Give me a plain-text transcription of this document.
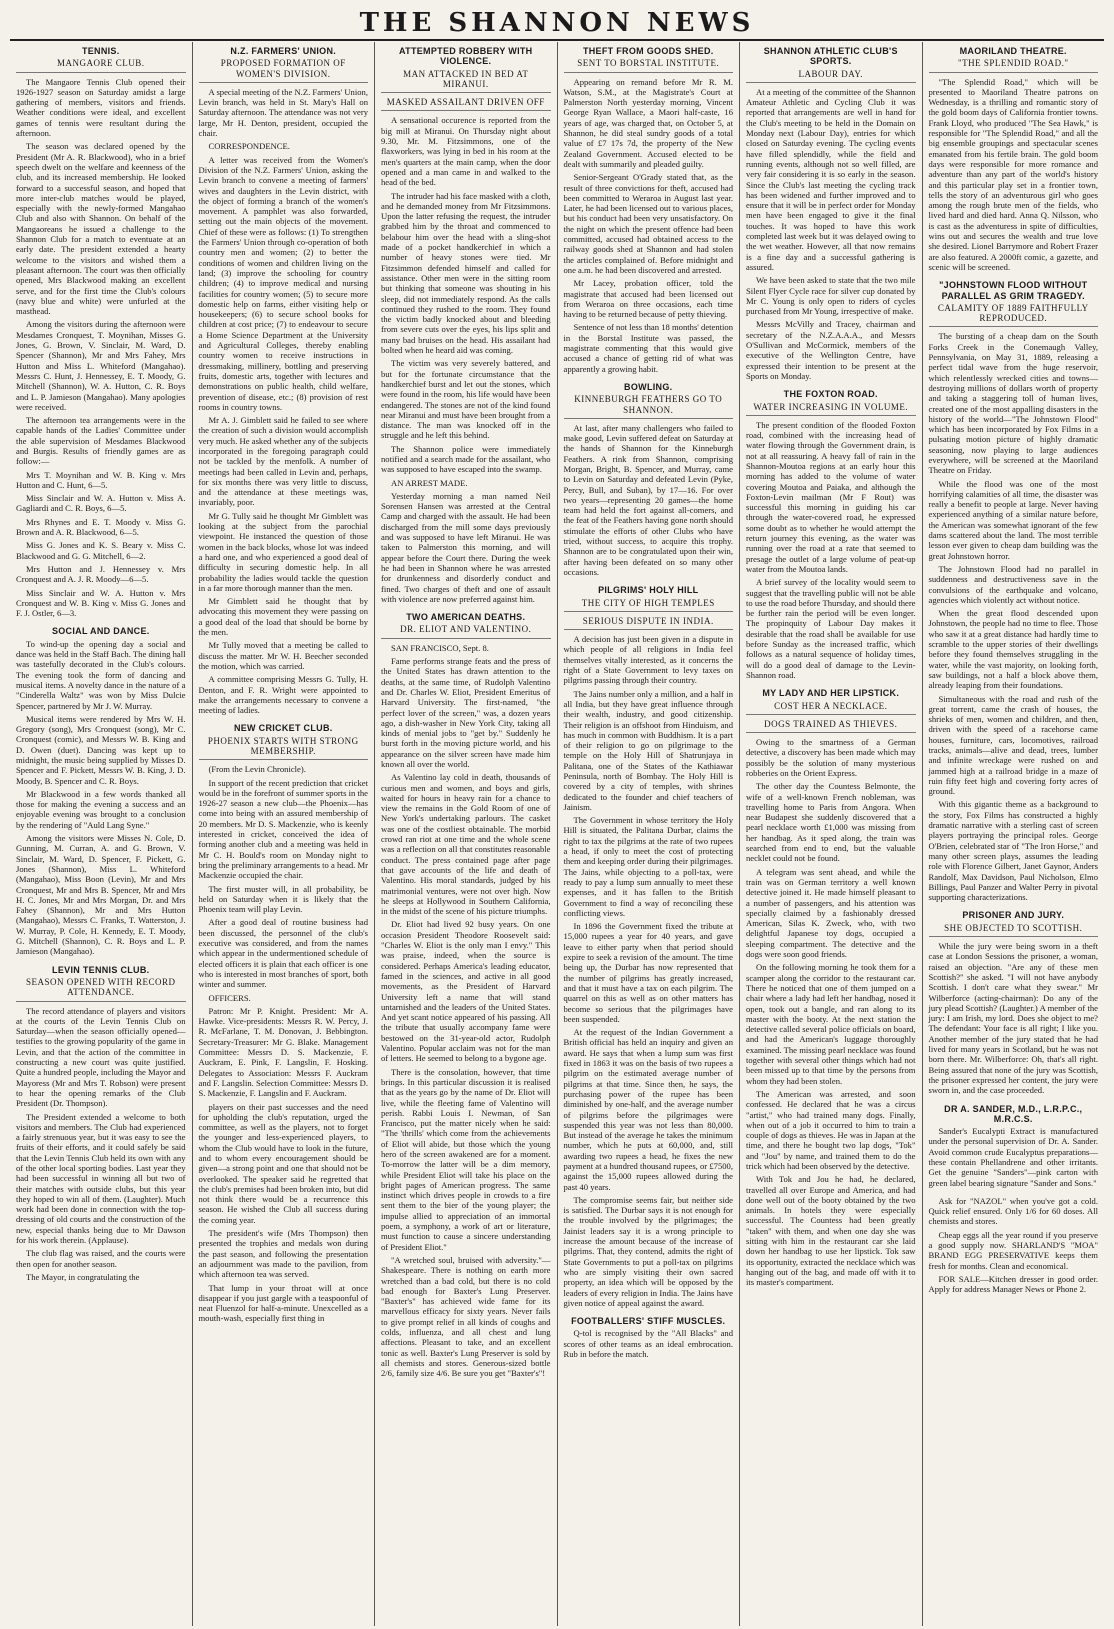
THE SHANNON NEWS
TENNIS.
MANGAORE CLUB.

The Mangaore Tennis Club opened their 1926-1927 season on Saturday amidst a large gathering of members, visitors and friends. Weather conditions were ideal, and excellent games of tennis were resultant during the afternoon.

The season was declared opened by the President (Mr A. R. Blackwood), who in a brief speech dwelt on the welfare and keenness of the club, and its increased membership. He looked forward to a successful season, and hoped that more inter-club matches would be played, especially with the newly-formed Mangahao Club and also with Shannon. On behalf of the Mangaoreans he issued a challenge to the Shannon Club for a match to eventuate at an early date. The president extended a hearty welcome to the visitors and wished them a pleasant afternoon. The court was then officially opened, Mrs Blackwood making an excellent serve, and for the first time the Club's colours (navy blue and white) were unfurled at the masthead.

Among the visitors during the afternoon were Mesdames Cronquest, T. Moynihan, Misses G. Jones, G. Brown, V. Sinclair, M. Ward, D. Spencer (Shannon), Mr and Mrs Fahey, Mrs Hutton and Miss L. Whiteford (Mangahao). Messrs C. Hunt, J. Hennessey, E. T. Moody, G. Mitchell (Shannon), W. A. Hutton, C. R. Boys and L. P. Jamieson (Mangahao). Many apologies were received.

The afternoon tea arrangements were in the capable hands of the Ladies' Committee under the able supervision of Mesdames Blackwood and Burgis. Results of friendly games are as follow:—

Mrs T. Moynihan and W. B. King v. Mrs Hutton and C. Hunt, 6—5.

Miss Sinclair and W. A. Hutton v. Miss A. Gagliardi and C. R. Boys, 6—5.

Mrs Rhynes and E. T. Moody v. Miss G. Brown and A. R. Blackwood, 6—5.

Miss G. Jones and K. S. Beary v. Miss C. Blackwood and G. G. Mitchell, 6—2.

Mrs Hutton and J. Hennessey v. Mrs Cronquest and A. J. R. Moody—6—5.

Miss Sinclair and W. A. Hutton v. Mrs Cronquest and W. B. King v. Miss G. Jones and F. J. Ostler, 6—3.

SOCIAL AND DANCE.

To wind-up the opening day a social and dance was held in the Staff Bach. The dining hall was tastefully decorated in the Club's colours. The evening took the form of dancing and musical items. A novelty dance in the nature of a "Cinderella Waltz" was won by Miss Dulcie Spencer, partnered by Mr J. W. Murray.

Musical items were rendered by Mrs W. H. Gregory (song), Mrs Cronquest (song), Mr C. Cronquest (comic), and Messrs W. B. King and D. Owen (duet). Dancing was kept up to midnight, the music being supplied by Misses D. Spencer and F. Pickett, Messrs W. B. King, J. D. Moody, B. Spencer and C. R. Boys.

Mr Blackwood in a few words thanked all those for making the evening a success and an enjoyable evening was brought to a conclusion by the rendering of "Auld Lang Syne."

Among the visitors were Misses N. Cole, D. Gunning, M. Curran, A. and G. Brown, V. Sinclair, M. Ward, D. Spencer, F. Pickett, G. Jones (Shannon), Miss L. Whiteford (Mangahao), Miss Boon (Levin), Mr and Mrs Cronquest, Mr and Mrs B. Spencer, Mr and Mrs H. C. Jones, Mr and Mrs Morgan, Dr. and Mrs Fahey (Shannon), Mr and Mrs Hutton (Mangahao), Messrs C. Franks, T. Watterston, J. W. Murray, P. Cole, H. Kennedy, E. T. Moody, G. Mitchell (Shannon), C. R. Boys and L. P. Jamieson (Mangahao).

LEVIN TENNIS CLUB.
SEASON OPENED WITH RECORD ATTENDANCE.

The record attendance of players and visitors at the courts of the Levin Tennis Club on Saturday—when the season officially opened—testifies to the growing popularity of the game in Levin, and that the action of the committee in constructing a new court was quite justified. Quite a hundred people, including the Mayor and Mayoress (Mr and Mrs T. Robson) were present to hear the opening remarks of the Club President (Dr. Thompson).

The President extended a welcome to both visitors and members. The Club had experienced a fairly strenuous year, but it was easy to see the fruits of their efforts, and it could safely be said that the Levin Tennis Club held its own with any of the other local sporting bodies. Last year they had been successful in winning all but two of their matches with outside clubs, but this year they hoped to win all of them. (Laughter). Much work had been done in connection with the top-dressing of old courts and the construction of the new, especial thanks being due to Mr Dawson for his work therein. (Applause).

The club flag was raised, and the courts were then open for another season.

The Mayor, in congratulating the

N.Z. FARMERS' UNION.
PROPOSED FORMATION OF WOMEN'S DIVISION.

A special meeting of the N.Z. Farmers' Union, Levin branch, was held in St. Mary's Hall on Saturday afternoon. The attendance was not very large, Mr H. Denton, president, occupied the chair.

CORRESPONDENCE.

A letter was received from the Women's Division of the N.Z. Farmers' Union, asking the Levin branch to convene a meeting of farmers' wives and daughters in the Levin district, with the object of forming a branch of the women's movement. A pamphlet was also forwarded, setting out the main objects of the movement. Chief of these were as follows: (1) To strengthen the Farmers' Union through co-operation of both country men and women; (2) to better the conditions of women and children living on the land; (3) improve the schooling for country children; (4) to improve medical and nursing facilities for country women; (5) to secure more domestic help on farms, either visiting help or housekeepers; (6) to secure school books for children at cost price; (7) to endeavour to secure a Home Science Department at the University and Agricultural Colleges, thereby enabling country women to receive instructions in dressmaking, millinery, bottling and preserving fruits, domestic arts, together with lectures and demonstrations on public health, child welfare, prevention of disease, etc.; (8) provision of rest rooms in country towns.

Mr A. J. Gimblett said he failed to see where the creation of such a division would accomplish very much. He asked whether any of the subjects incorporated in the foregoing paragraph could not be tackled by the menfolk. A number of meetings had been called in Levin and, perhaps, for six months there was very little to discuss, and the attendance at these meetings was, invariably, poor.

Mr G. Tully said he thought Mr Gimblett was looking at the subject from the parochial viewpoint. He instanced the question of those women in the back blocks, whose lot was indeed a hard one, and who experienced a good deal of difficulty in securing domestic help. In all probability the ladies would tackle the question in a far more thorough manner than the men.

Mr Gimblett said he thought that by advocating this movement they were passing on a good deal of the load that should be borne by the men.

Mr Tully moved that a meeting be called to discuss the matter. Mr W. H. Beecher seconded the motion, which was carried.

A committee comprising Messrs G. Tully, H. Denton, and F. R. Wright were appointed to make the arrangements necessary to convene a meeting of ladies.

NEW CRICKET CLUB.
PHOENIX STARTS WITH STRONG MEMBERSHIP.

(From the Levin Chronicle).

In support of the recent prediction that cricket would be in the forefront of summer sports in the 1926-27 season a new club—the Phoenix—has come into being with an assured membership of 20 members. Mr D. S. Mackenzie, who is keenly interested in cricket, conceived the idea of forming another club and a meeting was held in Mr C. H. Bould's room on Monday night to bring the preliminary arrangements to a head. Mr Mackenzie occupied the chair.

The first muster will, in all probability, be held on Saturday when it is likely that the Phoenix team will play Levin.

After a good deal of routine business had been discussed, the personnel of the club's executive was considered, and from the names which appear in the undermentioned schedule of elected officers it is plain that each officer is one who is interested in most branches of sport, both winter and summer.

OFFICERS.

Patron: Mr P. Knight. President: Mr A. Hawke. Vice-presidents: Messrs R. W. Percy, J. R. McFarlane, T. M. Donovan, J. Bebbington. Secretary-Treasurer: Mr G. Blake. Management Committee: Messrs D. S. Mackenzie, F. Auckram, E. Pink, F. Langslin, F. Hosking. Delegates to Association: Messrs F. Auckram and F. Langslin. Selection Committee: Messrs D. S. Mackenzie, F. Langslin and F. Auckram.

players on their past successes and the need for upholding the club's reputation, urged the committee, as well as the players, not to forget the younger and less-experienced players, to whom the Club would have to look in the future, and to whom every encouragement should be given—a strong point and one that should not be overlooked. The speaker said he regretted that the club's premises had been broken into, but did not think there would be a recurrence this season. He wished the Club all success during the coming year.

The president's wife (Mrs Thompson) then presented the trophies and medals won during the past season, and following the presentation an adjournment was made to the pavilion, from which afternoon tea was served.

That lump in your throat will at once disappear if you just gargle with a teaspoonful of neat Fluenzol for half-a-minute. Unexcelled as a mouth-wash, especially first thing in

ATTEMPTED ROBBERY WITH VIOLENCE.
MAN ATTACKED IN BED AT MIRANUI.
MASKED ASSAILANT DRIVEN OFF

A sensational occurence is reported from the big mill at Miranui. On Thursday night about 9.30, Mr. M. Fitzsimmons, one of the flaxworkers, was lying in bed in his room at the men's quarters at the main camp, when the door opened and a man came in and walked to the head of the bed.

The intruder had his face masked with a cloth, and he demanded money from Mr Fitzsimmons. Upon the latter refusing the request, the intruder grabbed him by the throat and commenced to belabour him over the head with a sling-shot made of a pocket handkerchief in which a number of heavy stones were tied. Mr Fitzsimmon defended himself and called for assistance. Other men were in the sitting room but thinking that someone was shouting in his sleep, did not immediately respond. As the calls continued they rushed to the room. They found the victim badly knocked about and bleeding from severe cuts over the eyes, his lips split and many bad bruises on the head. His assailant had bolted when he heard aid was coming.

The victim was very severely battered, and but for the fortunate circumstance that the handkerchief burst and let out the stones, which were found in the room, his life would have been endangered. The stones are not of the kind found near Miranui and must have been brought from a distance. The man was knocked off in the struggle and he left this behind.

The Shannon police were immediately notified and a search made for the assailant, who was supposed to have escaped into the swamp.

AN ARREST MADE.

Yesterday morning a man named Neil Sorensen Hansen was arrested at the Central Camp and charged with the assault. He had been discharged from the mill some days previously and was supposed to have left Miranui. He was taken to Palmerston this morning, and will appear before the Court there. During the week he had been in Shannon where he was arrested for drunkenness and disorderly conduct and fined. Two charges of theft and one of assault with violence are now preferred against him.

TWO AMERICAN DEATHS.
DR. ELIOT AND VALENTINO.

SAN FRANCISCO, Sept. 8.

Fame performs strange feats and the press of the United States has drawn attention to the deaths, at the same time, of Rudolph Valentino and Dr. Charles W. Eliot, President Emeritus of Harvard University. The first-named, "the perfect lover of the screen," was, a dozen years ago, a dish-washer in New York City, taking all kinds of menial jobs to "get by." Suddenly he burst forth in the moving picture world, and his appearance on the silver screen have made him known all over the world.

As Valentino lay cold in death, thousands of curious men and women, and boys and girls, waited for hours in heavy rain for a chance to view the remains in the Gold Room of one of New York's undertaking parlours. The casket was one of the costliest obtainable. The morbid crowd ran riot at one time and the whole scene was a reflection on all that constitutes reasonable conduct. The press contained page after page that gave accounts of the life and death of Valentino. His moral standards, judged by his matrimonial ventures, were not over high. Now he sleeps at Hollywood in Southern California, in the midst of the scene of his picture triumphs.

Dr. Eliot had lived 92 busy years. On one occasion President Theodore Roosevelt said: "Charles W. Eliot is the only man I envy." This was praise, indeed, when the source is considered. Perhaps America's leading educator, famed in the sciences, and active in all good movements, as the President of Harvard University left a name that will stand untarnished and the leaders of the United States. And yet scant notice appeared of his passing. All the tribute that usually accompany fame were bestowed on the 31-year-old actor, Rudolph Valentino. Popular acclaim was not for the man of letters. He seemed to belong to a bygone age.

There is the consolation, however, that time brings. In this particular discussion it is realised that as the years go by the name of Dr. Eliot will live, while the fleeting fame of Valentino will perish. Rabbi Louis I. Newman, of San Francisco, put the matter nicely when he said: "The 'thrills' which come from the achievements of Eliot will abide, but those which the young hero of the screen awakened are for a moment. To-morrow the latter will be a dim memory, while President Eliot will take his place on the bright pages of American progress. The same instinct which drives people in crowds to a fire sent them to the bier of the young player; the impulse allied to appreciation of an immortal poem, a symphony, a work of art or literature, must function to cause a sincere understanding of President Eliot."

"A wretched soul, bruised with adversity."—Shakespeare. There is nothing on earth more wretched than a bad cold, but there is no cold bad enough for Baxter's Lung Preserver. "Baxter's" has achieved wide fame for its marvellous efficacy for sixty years. Never fails to give prompt relief in all kinds of coughs and colds, influenza, and all chest and lung affections. Pleasant to take, and an excellent tonic as well. Baxter's Lung Preserver is sold by all chemists and stores. Generous-sized bottle 2/6, family size 4/6. Be sure you get "Baxter's"!

THEFT FROM GOODS SHED.
SENT TO BORSTAL INSTITUTE.

Appearing on remand before Mr R. M. Watson, S.M., at the Magistrate's Court at Palmerston North yesterday morning, Vincent George Ryan Wallace, a Maori half-caste, 16 years of age, was charged that, on October 5, at Shannon, he did steal sundry goods of a total value of £7 17s 7d, the property of the New Zealand Government. Accused elected to be dealt with summarily and pleaded guilty.

Senior-Sergeant O'Grady stated that, as the result of three convictions for theft, accused had been committed to Weraroa in August last year. Later, he had been licensed out to various places, but his conduct had been very unsatisfactory. On the night on which the present offence had been committed, accused had obtained access to the railway goods shed at Shannon and had stolen the articles complained of. Before midnight and one a.m. he had been discovered and arrested.

Mr Lacey, probation officer, told the magistrate that accused had been licensed out from Weraroa on three occasions, each time having to be returned because of petty thieving.

Sentence of not less than 18 months' detention in the Borstal Institute was passed, the magistrate commenting that this would give accused a chance of getting rid of what was apparently a growing habit.

BOWLING.
KINNEBURGH FEATHERS GO TO SHANNON.

At last, after many challengers who failed to make good, Levin suffered defeat on Saturday at the hands of Shannon for the Kinneburgh Feathers. A rink from Shannon, comprising Morgan, Bright, B. Spencer, and Murray, came to Levin on Saturday and defeated Levin (Pyke, Percy, Bull, and Suban), by 17—16. For over two years—representing 20 games—the home team had held the fort against all-comers, and the feat of the Feathers having gone north should stimulate the efforts of other Clubs who have tried, without success, to acquire this trophy. Shannon are to be congratulated upon their win, after having been defeated on so many other occasions.

PILGRIMS' HOLY HILL
THE CITY OF HIGH TEMPLES
SERIOUS DISPUTE IN INDIA.

A decision has just been given in a dispute in which people of all religions in India feel themselves vitally interested, as it concerns the right of a State Government to levy taxes on pilgrims passing through their country.

The Jains number only a million, and a half in all India, but they have great influence through their wealth, industry, and good citizenship. Their religion is an offshoot from Hinduism, and has much in common with Buddhism. It is a part of their religion to go on pilgrimage to the temple on the Holy Hill of Shatrunjaya in Palitana, one of the States of the Kathiawar Peninsula, north of Bombay. The Holy Hill is covered by a city of temples, with shrines dedicated to the founder and chief teachers of Jainism.

The Government in whose territory the Holy Hill is situated, the Palitana Durbar, claims the right to tax the pilgrims at the rate of two rupees a head, if only to meet the cost of protecting them and keeping order during their pilgrimages. The Jains, while objecting to a poll-tax, were ready to pay a lump sum annually to meet these expenses, and it has fallen to the British Government to find a way of reconciling these conflicting views.

In 1896 the Government fixed the tribute at 15,000 rupees a year for 40 years, and gave leave to either party when that period should expire to seek a revision of the amount. The time being up, the Durbar has now represented that the number of pilgrims has greatly increased, and that it must have a tax on each pilgrim. The quarrel on this as well as on other matters has become so serious that the pilgrimages have been suspended.

At the request of the Indian Government a British official has held an inquiry and given an award. He says that when a lump sum was first fixed in 1863 it was on the basis of two rupees a pilgrim on the estimated average number of pilgrims at that time. Since then, he says, the purchasing power of the rupee has been diminished by one-half, and the average number of pilgrims before the pilgrimages were suspended this year was not less than 80,000. But instead of the average he takes the minimum number, which he puts at 60,000, and, still awarding two rupees a head, he fixes the new payment at a hundred thousand rupees, or £7500, against the 15,000 rupees allowed during the past 40 years.

The compromise seems fair, but neither side is satisfied. The Durbar says it is not enough for the trouble involved by the pilgrimages; the Jainist leaders say it is a wrong principle to increase the amount because of the increase of pilgrims. That, they contend, admits the right of State Governments to put a poll-tax on pilgrims who are simply visiting their own sacred property, an idea which will be opposed by the leaders of every religion in India. The Jains have given notice of appeal against the award.

FOOTBALLERS' STIFF MUSCLES.

Q-tol is recognised by the "All Blacks" and scores of other teams as an ideal embrocation. Rub in before the match.

SHANNON ATHLETIC CLUB'S SPORTS.
LABOUR DAY.

At a meeting of the committee of the Shannon Amateur Athletic and Cycling Club it was reported that arrangements are well in hand for the Club's meeting to be held in the Domain on Monday next (Labour Day), entries for which closed on Saturday evening. The cycling events have filled splendidly, while the field and running events, although not so well filled, are very fair considering it is so early in the season. Since the Club's last meeting the cycling track has been widened and further improved and to ensure that it will be in perfect order for Monday men have been engaged to give it the final touches. It was hoped to have this work completed last week but it was delayed owing to the wet weather. However, all that now remains is a fine day and a successful gathering is assured.

We have been asked to state that the two mile Silent Flyer Cycle race for silver cup donated by Mr C. Young is only open to riders of cycles purchased from Mr Young, irrespective of make.

Messrs McVilly and Tracey, chairman and secretary of the N.Z.A.A.A., and Messrs O'Sullivan and McCormick, members of the executive of the Wellington Centre, have expressed their intention to be present at the Sports on Monday.

THE FOXTON ROAD.
WATER INCREASING IN VOLUME.

The present condition of the flooded Foxton road, combined with the increasing head of water flowing through the Government drain, is not at all reassuring. A heavy fall of rain in the Shannon-Moutoa regions at an early hour this morning has added to the volume of water covering Moutoa and Paiaka, and although the Foxton-Levin mailman (Mr F Rout) was successful this morning in guiding his car through the water-covered road, he expressed some doubt as to whether he would attempt the return journey this evening, as the water was running over the road at a rate that seemed to presage the outlet of a large volume of peat-up water from the Moutoa lands.

A brief survey of the locality would seem to suggest that the travelling public will not be able to use the road before Thursday, and should there be further rain the period will be even longer. The propinquity of Labour Day makes it desirable that the road shall be available for use before Sunday as the increased traffic, which follows as a natural sequence of holiday times, will do a good deal of damage to the Levin-Shannon road.

MY LADY AND HER LIPSTICK.
COST HER A NECKLACE.
DOGS TRAINED AS THIEVES.

Owing to the smartness of a German detective, a discovery has been made which may possibly be the solution of many mysterious robberies on the Orient Express.

The other day the Countess Belmonte, the wife of a well-known French nobleman, was travelling home to Paris from Angora. When near Budapest she suddenly discovered that a pearl necklace worth £1,000 was missing from her handbag. As it sped along, the train was searched from end to end, but the valuable necklet could not be found.

A telegram was sent ahead, and while the train was on German territory a well known detective joined it. He made himself pleasant to a number of passengers, and his attention was specially claimed by a fashionably dressed American, Silas K. Zweck, who, with two delightful Japanese toy dogs, occupied a sleeping compartment. The detective and the dogs were soon good friends.

On the following morning he took them for a scamper along the corridor to the restaurant car. There he noticed that one of them jumped on a chair where a lady had left her handbag, nosed it open, took out a bangle, and ran along to its master with the booty. At the next station the detective called several police officials on board, and had the American's luggage thoroughly examined. The missing pearl necklace was found together with several other things which had not been missed up to that time by the persons from whom they had been stolen.

The American was arrested, and soon confessed. He declared that he was a circus "artist," who had trained many dogs. Finally, when out of a job it occurred to him to train a couple of dogs as thieves. He was in Japan at the time, and there he bought two lap dogs, "Tok" and "Jou" by name, and trained them to do the trick which had been observed by the detective.

With Tok and Jou he had, he declared, travelled all over Europe and America, and had done well out of the booty obtained by the two animals. In hotels they were especially successful. The Countess had been greatly "taken" with them, and when one day she was sitting with him in the restaurant car she laid down her handbag to use her lipstick. Tok saw its opportunity, extracted the necklace which was hanging out of the bag, and made off with it to its master's compartment.

MAORILAND THEATRE.
"THE SPLENDID ROAD."

"The Splendid Road," which will be presented to Maoriland Theatre patrons on Wednesday, is a thrilling and romantic story of the gold boom days of California frontier towns. Frank Lloyd, who produced "The Sea Hawk," is responsible for "The Splendid Road," and all the big ensemble groupings and spectacular scenes emanated from his fertile brain. The gold boom days were responsible for more romance and adventure than any part of the world's history and this particular play set in a frontier town, tells the story of an adventurous girl who goes among the rough brute men of the fields, who lived hard and died hard. Anna Q. Nilsson, who is cast as the adventuress in spite of difficulties, wins out and secures the wealth and true love she desired. Lionel Barrymore and Robert Frazer are also featured. A 2000ft comic, a gazette, and scenic will be screened.

"JOHNSTOWN FLOOD WITHOUT PARALLEL AS GRIM TRAGEDY.
CALAMITY OF 1889 FAITHFULLY REPRODUCED.

The bursting of a cheap dam on the South Forks Creek in the Conemaugh Valley, Pennsylvania, on May 31, 1889, releasing a perfect tidal wave from the huge reservoir, which relentlessly wrecked cities and towns—destroying millions of dollars worth of property and taking a staggering toll of human lives, created one of the most appalling disasters in the history of the world—"The Johnstown Flood" which has been incorporated by Fox Films in a pulsating motion picture of highly dramatic seasoning, now playing to large audiences everywhere, will be screened at the Maoriland Theatre on Friday.

While the flood was one of the most horrifying calamities of all time, the disaster was really a benefit to people at large. Never having experienced anything of a similar nature before, the American was somewhat ignorant of the few dams scattered about the land. The most terrible lesson ever given to cheap dam building was the great Johnstown horror.

The Johnstown Flood had no parallel in suddenness and destructiveness save in the convulsions of the earthquake and volcano, agencies which violently act without notice.

When the great flood descended upon Johnstown, the people had no time to flee. Those who saw it at a great distance had hardly time to scramble to the upper stories of their dwellings before they found themselves struggling in the water, while the vast majority, on looking forth, saw buildings, not a half a block above them, already leaping from their foundations.

Simultaneous with the road and rush of the great torrent, came the crash of houses, the shrieks of men, women and children, and then, driven with the speed of a racehorse came houses, furniture, cars, locomotives, railroad tracks, animals—alive and dead, trees, lumber and infinite wreckage were rushed on and jammed high at a railroad bridge in a maze of ruin fifty feet high and covering forty acres of ground.

With this gigantic theme as a background to the story, Fox Films has constructed a highly dramatic narrative with a sterling cast of screen players portraying the principal roles. George O'Brien, celebrated star of "The Iron Horse," and many other screen plays, assumes the leading role with Florence Gilbert, Janet Gaynor, Anders Randolf, Max Davidson, Paul Nicholson, Elmo Billings, Paul Panzer and Walter Perry in pivotal supporting characterizations.

PRISONER AND JURY.
SHE OBJECTED TO SCOTTISH.

While the jury were being sworn in a theft case at London Sessions the prisoner, a woman, raised an objection. "Are any of these men Scottish?" she asked. "I will not have anybody Scottish. I don't care what they swear." Mr Wilberforce (acting-chairman): Do any of the jury plead Scottish? (Laughter.) A member of the jury: I am Irish, my lord. Does she object to me? The defendant: Your face is all right; I like you. Another member of the jury stated that he had lived for many years in Scotland, but he was not born there. Mr. Wilberforce: Oh, that's all right. Being assured that none of the jury was Scottish, the prisoner expressed her content, the jury were sworn in, and the case proceeded.

DR A. SANDER, M.D., L.R.P.C., M.R.C.S.

Sander's Eucalypti Extract is manufactured under the personal supervision of Dr. A. Sander. Avoid common crude Eucalyptus preparations—these contain Phellandrene and other irritants. Get the genuine "Sanders"—pink carton with green label bearing signature "Sander and Sons."

Ask for "NAZOL" when you've got a cold. Quick relief ensured. Only 1/6 for 60 doses. All chemists and stores.

Cheap eggs all the year round if you preserve a good supply now. SHARLAND'S "MOA" BRAND EGG PRESERVATIVE keeps them fresh for months. Clean and economical.

FOR SALE—Kitchen dresser in good order. Apply for address Manager News or Phone 2.
